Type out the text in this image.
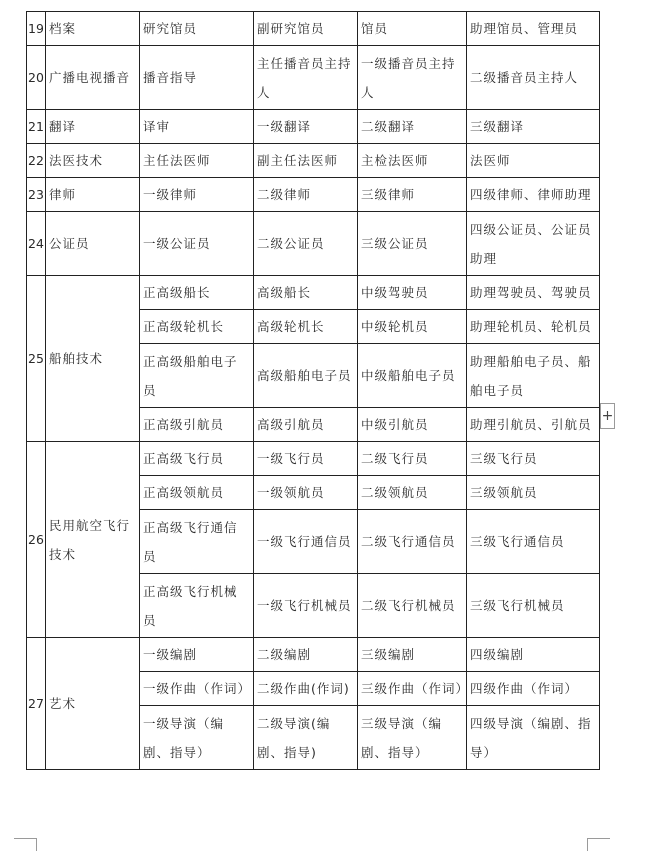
19	档案	研究馆员	副研究馆员	馆员	助理馆员、管理员
20	广播电视播音	播音指导	主任播音员主持人	一级播音员主持人	二级播音员主持人
21	翻译	译审	一级翻译	二级翻译	三级翻译
22	法医技术	主任法医师	副主任法医师	主检法医师	法医师
23	律师	一级律师	二级律师	三级律师	四级律师、律师助理
24	公证员	一级公证员	二级公证员	三级公证员	四级公证员、公证员助理
25	船舶技术	正高级船长	高级船长	中级驾驶员	助理驾驶员、驾驶员
		正高级轮机长	高级轮机长	中级轮机员	助理轮机员、轮机员
		正高级船舶电子员	高级船舶电子员	中级船舶电子员	助理船舶电子员、船舶电子员
		正高级引航员	高级引航员	中级引航员	助理引航员、引航员
26	民用航空飞行技术	正高级飞行员	一级飞行员	二级飞行员	三级飞行员
		正高级领航员	一级领航员	二级领航员	三级领航员
		正高级飞行通信员	一级飞行通信员	二级飞行通信员	三级飞行通信员
		正高级飞行机械员	一级飞行机械员	二级飞行机械员	三级飞行机械员
27	艺术	一级编剧	二级编剧	三级编剧	四级编剧
		一级作曲（作词）	二级作曲(作词)	三级作曲（作词）	四级作曲（作词）
		一级导演（编剧、指导）	二级导演(编剧、指导)	三级导演（编剧、指导）	四级导演（编剧、指导）
+
